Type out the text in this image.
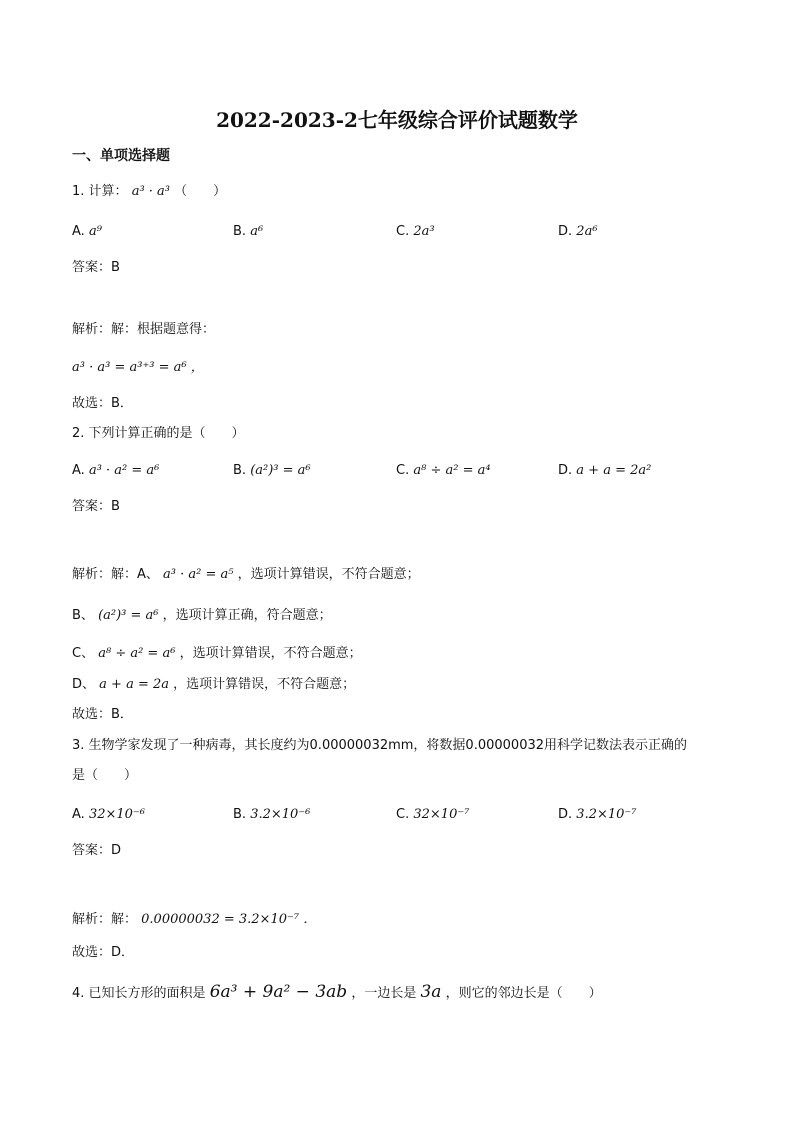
2022-2023-2七年级综合评价试题数学
一、单项选择题
1. 计算： a³ · a³ （　　）
A. a⁹	B. a⁶	C. 2a³	D. 2a⁶
答案：B
解析：解：根据题意得：
a³ · a³ = a³⁺³ = a⁶ ，
故选：B．
2. 下列计算正确的是（　　）
A. a³ · a² = a⁶	B. (a²)³ = a⁶	C. a⁸ ÷ a² = a⁴	D. a + a = 2a²
答案：B
解析：解：A、 a³ · a² = a⁵ ，选项计算错误，不符合题意；
B、 (a²)³ = a⁶ ，选项计算正确，符合题意；
C、 a⁸ ÷ a² = a⁶ ，选项计算错误，不符合题意；
D、 a + a = 2a ，选项计算错误，不符合题意；
故选：B．
3. 生物学家发现了一种病毒，其长度约为0.00000032mm，将数据0.00000032用科学记数法表示正确的
是（　　）
A. 32×10⁻⁶	B. 3.2×10⁻⁶	C. 32×10⁻⁷	D. 3.2×10⁻⁷
答案：D
解析：解： 0.00000032 = 3.2×10⁻⁷ ．
故选：D．
4. 已知长方形的面积是 6a³ + 9a² − 3ab ，一边长是 3a ，则它的邻边长是（　　）
